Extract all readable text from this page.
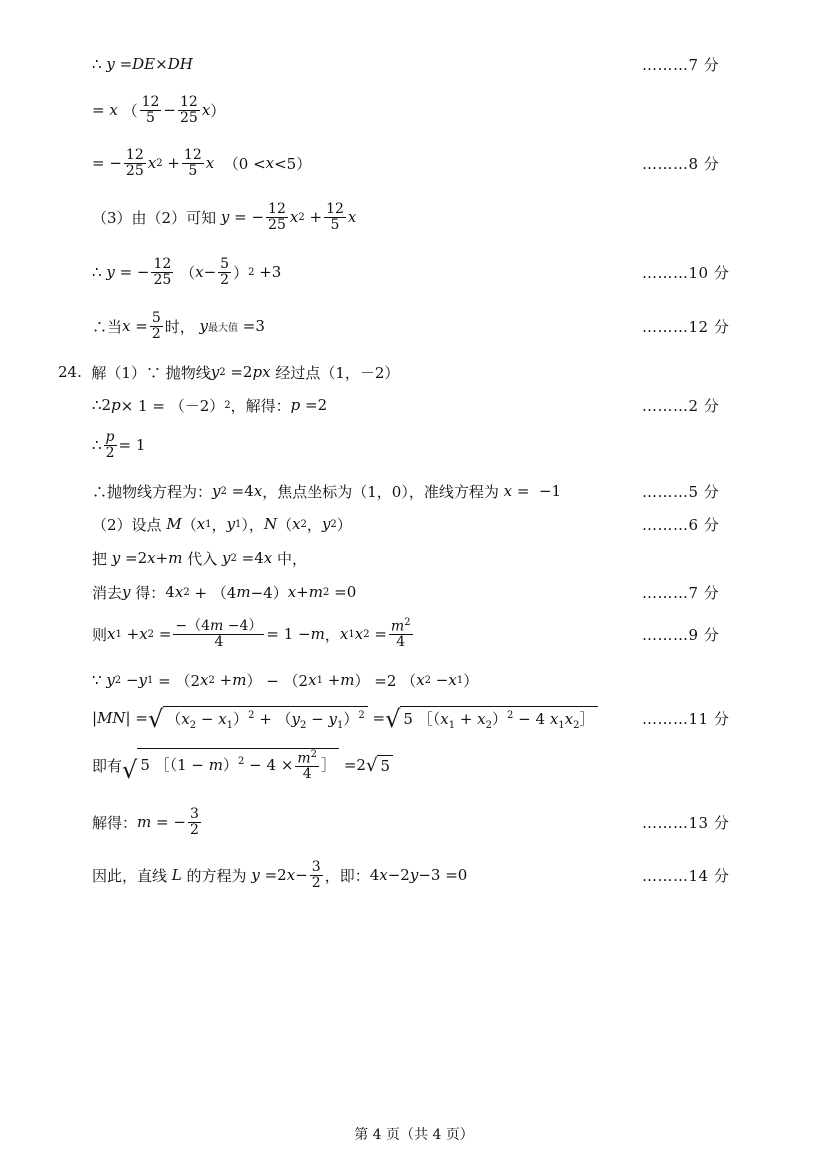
∴ y = DE × DH	………7 分
= x （ $\frac{12}{5} - \frac{12}{25}$ x ）
= − $\frac{12}{25}$ x $2 + \frac{12}{5}$ x （0 < x <5）	………8 分
（3）由（2）可知
y = − $\frac{12}{25}$ x $2 + \frac{12}{5}$ x
∴ y = − $\frac{12}{25}$ （ $x - \frac{5}{2}$ ） 2 +3	………10 分
∴当 $x = \frac{5}{2}$ 时，
y 最大值 =3	………12 分
24.
解（1）∵ 抛物线 y 2 =2 px
经过点（1，－2）
∴2 p × 1 = （－2） 2 ，解得： p =2	………2 分
∴ $\frac{p}{2} = 1$
∴抛物线方程为： y 2 =4 x ，焦点坐标为（1，0），准线方程为
x =  −1	………5 分
（2）设点
M （ x 1 ， y 1 ）， N （ x 2 ， y 2 ）	………6 分
把
y =2 x + m
代入
y 2 =4 x
中，
消去 y
得： 4 x 2 + （4 m −4） x + m 2 =0	………7 分
则 x 1 + x $2 = \frac{-(4m -4)}{4} = 1 - m$ ， x 1 x $2 = \frac{m^2}{4}$	………9 分
∵ y 2 − y 1 = （2 x 2 + m ） − （2 x 1 + m ） =2 （ x 2 − x 1 ）
| MN | = √ $(x_2 - x_1)^2 + (y_2 - y_1)^2$ = √ 5 $[(x_1 + x_2)^2 - 4$ $x_1x_2]$	………11 分
即有 √ 5 ［（1 − $m)^2 - 4 \times \frac{m^2}{4}$ ］ =2 √ 5
解得： m = − $\frac{3}{2}$	………13 分
因此，直线
L
的方程为
y =2 $x - \frac{3}{2}$ ，即： 4 x −2 y −3 =0	………14 分
第 4 页（共 4 页）
